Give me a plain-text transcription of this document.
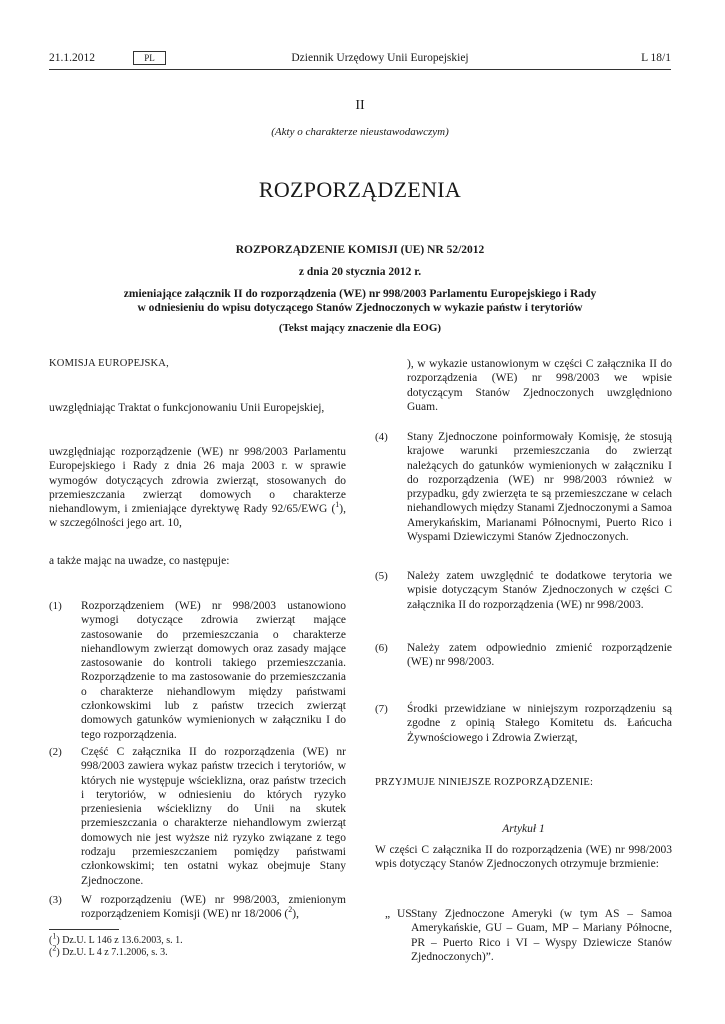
21.1.2012	PL	Dziennik Urzędowy Unii Europejskiej	L 18/1
II
(Akty o charakterze nieustawodawczym)
ROZPORZĄDZENIA
ROZPORZĄDZENIE KOMISJI (UE) NR 52/2012
z dnia 20 stycznia 2012 r.
zmieniające załącznik II do rozporządzenia (WE) nr 998/2003 Parlamentu Europejskiego i Rady
w odniesieniu do wpisu dotyczącego Stanów Zjednoczonych w wykazie państw i terytoriów
(Tekst mający znaczenie dla EOG)
KOMISJA EUROPEJSKA,
uwzględniając Traktat o funkcjonowaniu Unii Europejskiej,
uwzględniając rozporządzenie (WE) nr 998/2003 Parlamentu Europejskiego i Rady z dnia 26 maja 2003 r. w sprawie wymogów dotyczących zdrowia zwierząt, stosowanych do przemieszczania zwierząt domowych o charakterze niehandlowym, i zmieniające dyrektywę Rady 92/65/EWG ($^1$), w szczególności jego art. 10,
a także mając na uwadze, co następuje:
(1) Rozporządzeniem (WE) nr 998/2003 ustanowiono wymogi dotyczące zdrowia zwierząt mające zastosowanie do przemieszczania o charakterze niehandlowym zwierząt domowych oraz zasady mające zastosowanie do kontroli takiego przemieszczania. Rozporządzenie to ma zastosowanie do przemieszczania o charakterze niehandlowym między państwami członkowskimi lub z państw trzecich zwierząt domowych gatunków wymienionych w załączniku I do tego rozporządzenia.
(2) Część C załącznika II do rozporządzenia (WE) nr 998/2003 zawiera wykaz państw trzecich i terytoriów, w których nie występuje wścieklizna, oraz państw trzecich i terytoriów, w odniesieniu do których ryzyko przeniesienia wścieklizny do Unii na skutek przemieszczania o charakterze niehandlowym zwierząt domowych nie jest wyższe niż ryzyko związane z tego rodzaju przemieszczaniem pomiędzy państwami członkowskimi; ten ostatni wykaz obejmuje Stany Zjednoczone.
(3) W rozporządzeniu (WE) nr 998/2003, zmienionym rozporządzeniem Komisji (WE) nr 18/2006 ($^2$),
($^1$) Dz.U. L 146 z 13.6.2003, s. 1.
($^2$) Dz.U. L 4 z 7.1.2006, s. 3.
), w wykazie ustanowionym w części C załącznika II do rozporządzenia (WE) nr 998/2003 we wpisie dotyczącym Stanów Zjednoczonych uwzględniono Guam.
(4) Stany Zjednoczone poinformowały Komisję, że stosują krajowe warunki przemieszczania do zwierząt należących do gatunków wymienionych w załączniku I do rozporządzenia (WE) nr 998/2003 również w przypadku, gdy zwierzęta te są przemieszczane w celach niehandlowych między Stanami Zjednoczonymi a Samoa Amerykańskim, Marianami Północnymi, Puerto Rico i Wyspami Dziewiczymi Stanów Zjednoczonych.
(5) Należy zatem uwzględnić te dodatkowe terytoria we wpisie dotyczącym Stanów Zjednoczonych w części C załącznika II do rozporządzenia (WE) nr 998/2003.
(6) Należy zatem odpowiednio zmienić rozporządzenie (WE) nr 998/2003.
(7) Środki przewidziane w niniejszym rozporządzeniu są zgodne z opinią Stałego Komitetu ds. Łańcucha Żywnościowego i Zdrowia Zwierząt,
PRZYJMUJE NINIEJSZE ROZPORZĄDZENIE:
Artykuł 1
W części C załącznika II do rozporządzenia (WE) nr 998/2003 wpis dotyczący Stanów Zjednoczonych otrzymuje brzmienie:
„ US Stany Zjednoczone Ameryki (w tym AS – Samoa Amerykańskie, GU – Guam, MP – Mariany Północne, PR – Puerto Rico i VI – Wyspy Dziewicze Stanów Zjednoczonych)”.
